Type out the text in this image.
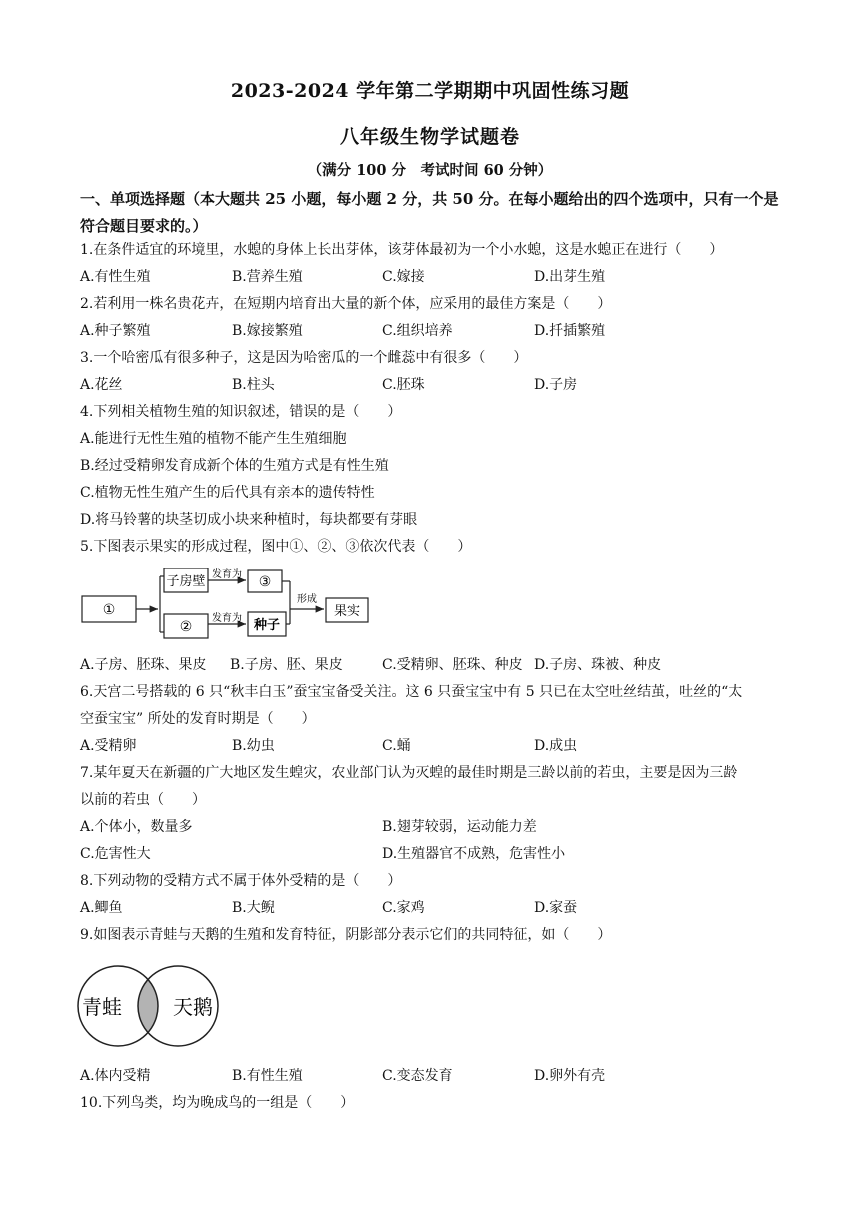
2023-2024 学年第二学期期中巩固性练习题
八年级生物学试题卷
（满分 100 分　考试时间 60 分钟）
一、单项选择题（本大题共 25 小题，每小题 2 分，共 50 分。在每小题给出的四个选项中，只有一个是符合题目要求的。）
1.在条件适宜的环境里，水螅的身体上长出芽体，该芽体最初为一个小水螅，这是水螅正在进行（　　）
A.有性生殖	B.营养生殖	C.嫁接	D.出芽生殖
2.若利用一株名贵花卉，在短期内培育出大量的新个体，应采用的最佳方案是（　　）
A.种子繁殖	B.嫁接繁殖	C.组织培养	D.扦插繁殖
3.一个哈密瓜有很多种子，这是因为哈密瓜的一个雌蕊中有很多（　　）
A.花丝	B.柱头	C.胚珠	D.子房
4.下列相关植物生殖的知识叙述，错误的是（　　）
A.能进行无性生殖的植物不能产生生殖细胞
B.经过受精卵发育成新个体的生殖方式是有性生殖
C.植物无性生殖产生的后代具有亲本的遗传特性
D.将马铃薯的块茎切成小块来种植时，每块都要有芽眼
5.下图表示果实的形成过程，图中①、②、③依次代表（　　）
①
子房壁 发育为 ③
②
发育为 种子
形成
果实
A.子房、胚珠、果皮 B.子房、胚、果皮	C.受精卵、胚珠、种皮 D.子房、珠被、种皮
6.天宫二号搭载的 6 只“秋丰白玉”蚕宝宝备受关注。这 6 只蚕宝宝中有 5 只已在太空吐丝结茧，吐丝的“太
空蚕宝宝” 所处的发育时期是（　　）
A.受精卵	B.幼虫	C.蛹	D.成虫
7.某年夏天在新疆的广大地区发生蝗灾，农业部门认为灭蝗的最佳时期是三龄以前的若虫，主要是因为三龄
以前的若虫（　　）
A.个体小，数量多	B.翅芽较弱，运动能力差
C.危害性大	D.生殖器官不成熟，危害性小
8.下列动物的受精方式不属于体外受精的是（　　）
A.鲫鱼	B.大鲵	C.家鸡	D.家蚕
9.如图表示青蛙与天鹅的生殖和发育特征，阴影部分表示它们的共同特征，如（　　）
青蛙	天鹅
A.体内受精	B.有性生殖	C.变态发育	D.卵外有壳
10.下列鸟类，均为晚成鸟的一组是（　　）
